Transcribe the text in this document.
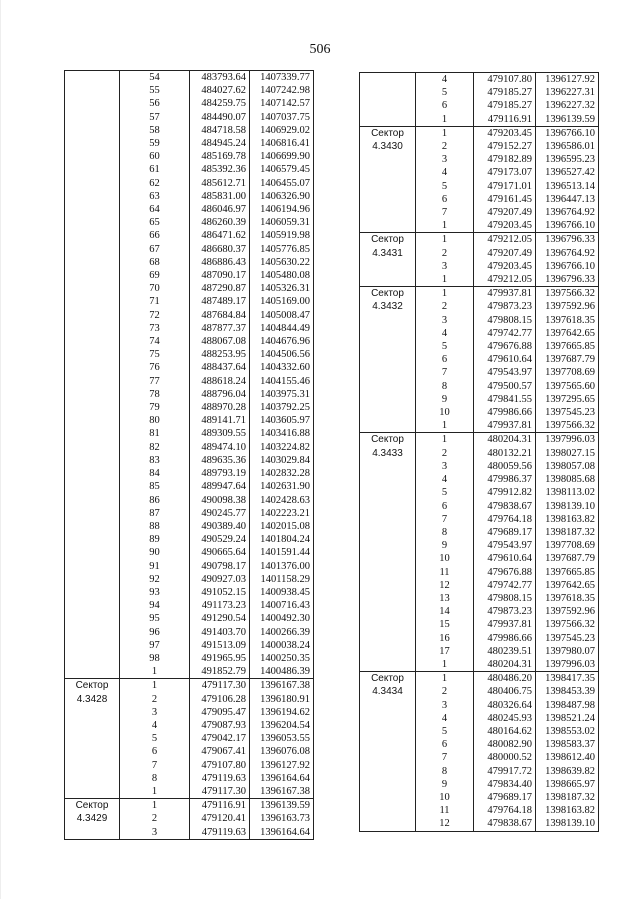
506
	54	483793.64	1407339.77
	55	484027.62	1407242.98
	56	484259.75	1407142.57
	57	484490.07	1407037.75
	58	484718.58	1406929.02
	59	484945.24	1406816.41
	60	485169.78	1406699.90
	61	485392.36	1406579.45
	62	485612.71	1406455.07
	63	485831.00	1406326.90
	64	486046.97	1406194.96
	65	486260.39	1406059.31
	66	486471.62	1405919.98
	67	486680.37	1405776.85
	68	486886.43	1405630.22
	69	487090.17	1405480.08
	70	487290.87	1405326.31
	71	487489.17	1405169.00
	72	487684.84	1405008.47
	73	487877.37	1404844.49
	74	488067.08	1404676.96
	75	488253.95	1404506.56
	76	488437.64	1404332.60
	77	488618.24	1404155.46
	78	488796.04	1403975.31
	79	488970.28	1403792.25
	80	489141.71	1403605.97
	81	489309.55	1403416.88
	82	489474.10	1403224.82
	83	489635.36	1403029.84
	84	489793.19	1402832.28
	85	489947.64	1402631.90
	86	490098.38	1402428.63
	87	490245.77	1402223.21
	88	490389.40	1402015.08
	89	490529.24	1401804.24
	90	490665.64	1401591.44
	91	490798.17	1401376.00
	92	490927.03	1401158.29
	93	491052.15	1400938.45
	94	491173.23	1400716.43
	95	491290.54	1400492.30
	96	491403.70	1400266.39
	97	491513.09	1400038.24
	98	491965.95	1400250.35
	1	491852.79	1400486.39
Сектор	1	479117.30	1396167.38
4.3428	2	479106.28	1396180.91
	3	479095.47	1396194.62
	4	479087.93	1396204.54
	5	479042.17	1396053.55
	6	479067.41	1396076.08
	7	479107.80	1396127.92
	8	479119.63	1396164.64
	1	479117.30	1396167.38
Сектор	1	479116.91	1396139.59
4.3429	2	479120.41	1396163.73
	3	479119.63	1396164.64
	4	479107.80	1396127.92
	5	479185.27	1396227.31
	6	479185.27	1396227.32
	1	479116.91	1396139.59
Сектор	1	479203.45	1396766.10
4.3430	2	479152.27	1396586.01
	3	479182.89	1396595.23
	4	479173.07	1396527.42
	5	479171.01	1396513.14
	6	479161.45	1396447.13
	7	479207.49	1396764.92
	1	479203.45	1396766.10
Сектор	1	479212.05	1396796.33
4.3431	2	479207.49	1396764.92
	3	479203.45	1396766.10
	1	479212.05	1396796.33
Сектор	1	479937.81	1397566.32
4.3432	2	479873.23	1397592.96
	3	479808.15	1397618.35
	4	479742.77	1397642.65
	5	479676.88	1397665.85
	6	479610.64	1397687.79
	7	479543.97	1397708.69
	8	479500.57	1397565.60
	9	479841.55	1397295.65
	10	479986.66	1397545.23
	1	479937.81	1397566.32
Сектор	1	480204.31	1397996.03
4.3433	2	480132.21	1398027.15
	3	480059.56	1398057.08
	4	479986.37	1398085.68
	5	479912.82	1398113.02
	6	479838.67	1398139.10
	7	479764.18	1398163.82
	8	479689.17	1398187.32
	9	479543.97	1397708.69
	10	479610.64	1397687.79
	11	479676.88	1397665.85
	12	479742.77	1397642.65
	13	479808.15	1397618.35
	14	479873.23	1397592.96
	15	479937.81	1397566.32
	16	479986.66	1397545.23
	17	480239.51	1397980.07
	1	480204.31	1397996.03
Сектор	1	480486.20	1398417.35
4.3434	2	480406.75	1398453.39
	3	480326.64	1398487.98
	4	480245.93	1398521.24
	5	480164.62	1398553.02
	6	480082.90	1398583.37
	7	480000.52	1398612.40
	8	479917.72	1398639.82
	9	479834.40	1398665.97
	10	479689.17	1398187.32
	11	479764.18	1398163.82
	12	479838.67	1398139.10
